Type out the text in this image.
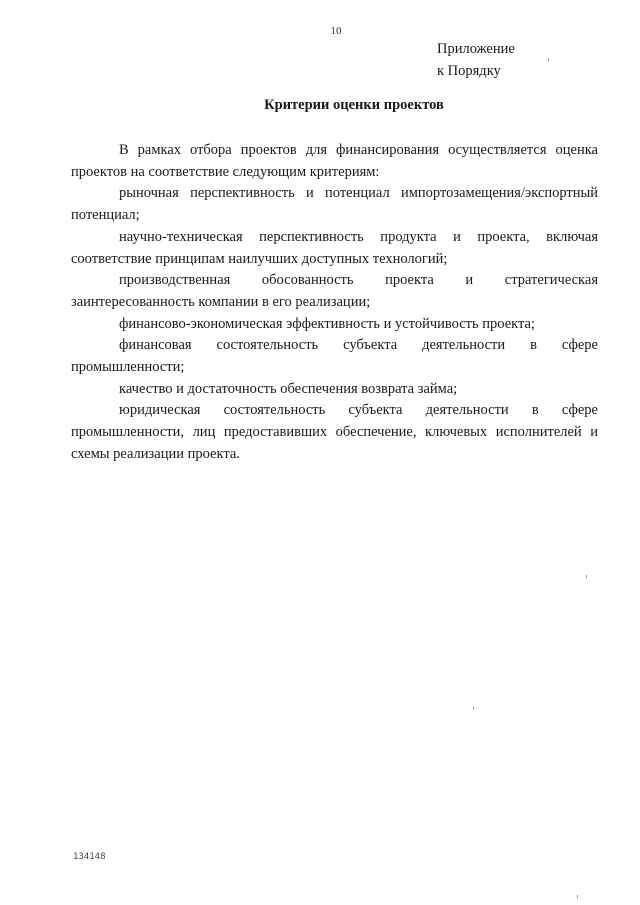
10
Приложение
к Порядку
Критерии оценки проектов

В рамках отбора проектов для финансирования осуществляется оценка проектов на соответствие следующим критериям:

рыночная перспективность и потенциал импортозамещения/экспортный потенциал;

научно-техническая перспективность продукта и проекта, включая соответствие принципам наилучших доступных технологий;

производственная обосованность проекта и стратегическая заинтересованность компании в его реализации;

финансово-экономическая эффективность и устойчивость проекта;

финансовая состоятельность субъекта деятельности в сфере промышленности;

качество и достаточность обеспечения возврата займа;

юридическая состоятельность субъекта деятельности в сфере промышленности, лиц предоставивших обеспечение, ключевых исполнителей и схемы реализации проекта.

134148
